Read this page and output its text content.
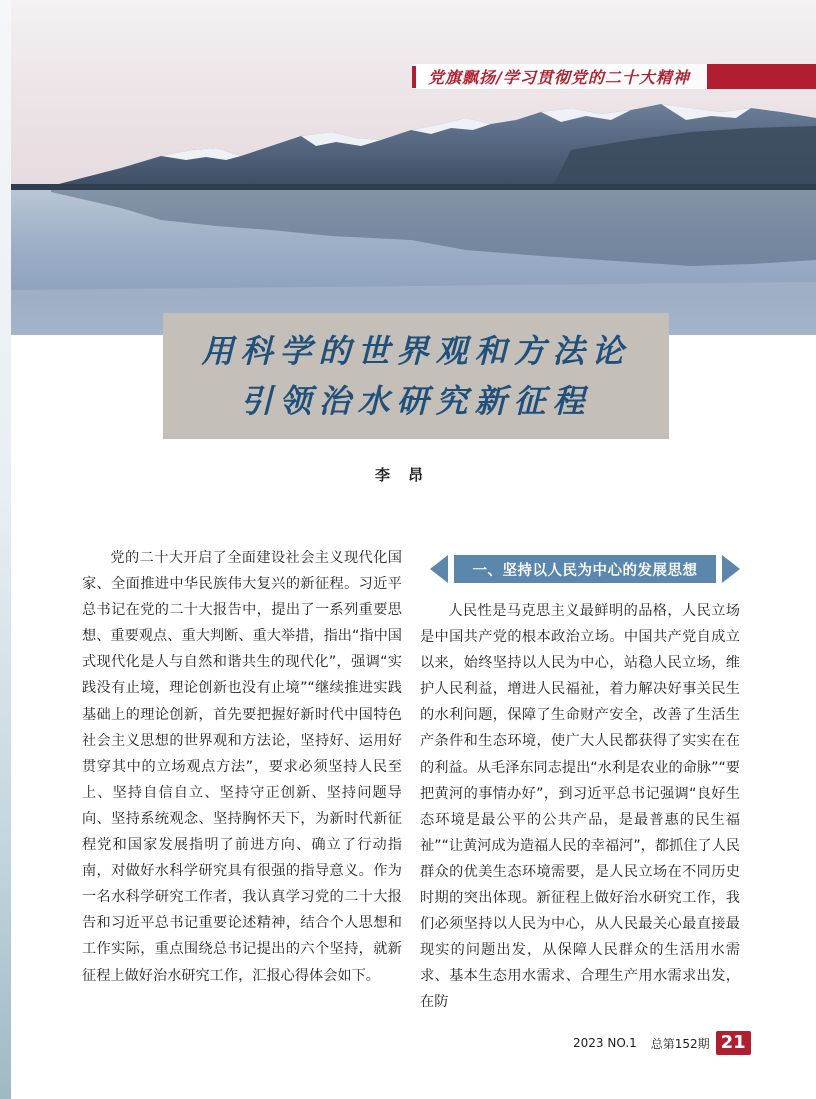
党旗飘扬/学习贯彻党的二十大精神
用科学的世界观和方法论
引领治水研究新征程
李昂

党的二十大开启了全面建设社会主义现代化国家、全面推进中华民族伟大复兴的新征程。习近平总书记在党的二十大报告中，提出了一系列重要思想、重要观点、重大判断、重大举措，指出“指中国式现代化是人与自然和谐共生的现代化”，强调“实践没有止境，理论创新也没有止境”“继续推进实践基础上的理论创新，首先要把握好新时代中国特色社会主义思想的世界观和方法论，坚持好、运用好贯穿其中的立场观点方法”，要求必须坚持人民至上、坚持自信自立、坚持守正创新、坚持问题导向、坚持系统观念、坚持胸怀天下，为新时代新征程党和国家发展指明了前进方向、确立了行动指南，对做好水科学研究具有很强的指导意义。作为一名水科学研究工作者，我认真学习党的二十大报告和习近平总书记重要论述精神，结合个人思想和工作实际，重点围绕总书记提出的六个坚持，就新征程上做好治水研究工作，汇报心得体会如下。

一、坚持以人民为中心的发展思想

人民性是马克思主义最鲜明的品格，人民立场是中国共产党的根本政治立场。中国共产党自成立以来，始终坚持以人民为中心，站稳人民立场，维护人民利益，增进人民福祉，着力解决好事关民生的水利问题，保障了生命财产安全，改善了生活生产条件和生态环境，使广大人民都获得了实实在在的利益。从毛泽东同志提出“水利是农业的命脉”“要把黄河的事情办好”，到习近平总书记强调“良好生态环境是最公平的公共产品，是最普惠的民生福祉”“让黄河成为造福人民的幸福河”，都抓住了人民群众的优美生态环境需要，是人民立场在不同历史时期的突出体现。新征程上做好治水研究工作，我们必须坚持以人民为中心，从人民最关心最直接最现实的问题出发，从保障人民群众的生活用水需求、基本生态用水需求、合理生产用水需求出发，在防

2023 NO.1 总第152期 21
